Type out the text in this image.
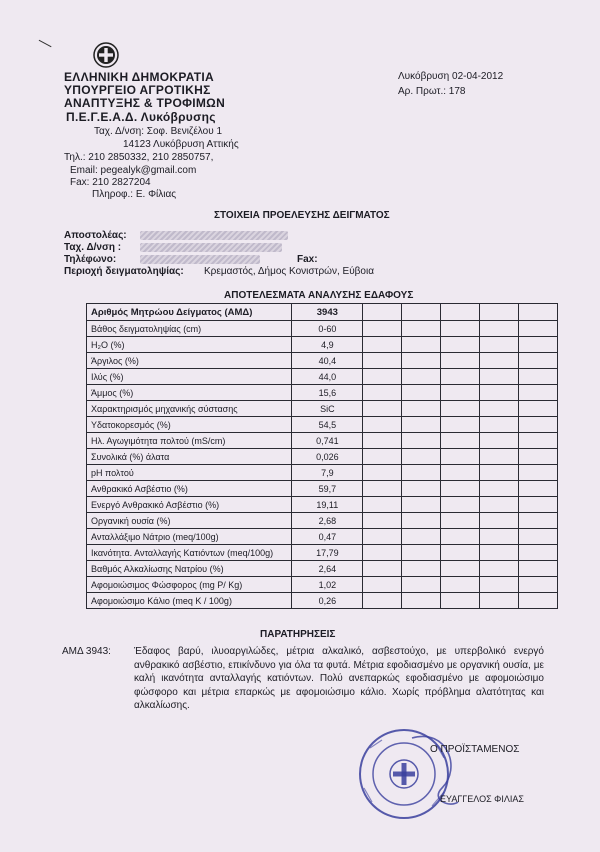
ΕΛΛΗΝΙΚΗ ΔΗΜΟΚΡΑΤΙΑ
ΥΠΟΥΡΓΕΙΟ ΑΓΡΟΤΙΚΗΣ
ΑΝΑΠΤΥΞΗΣ & ΤΡΟΦΙΜΩΝ
Π.Ε.Γ.Ε.Α.Δ. Λυκόβρυσης
Ταχ. Δ/νση: Σοφ. Βενιζέλου 1
14123 Λυκόβρυση Αττικής
Τηλ.: 210 2850332, 210 2850757,
Email: pegealyk@gmail.com
Fax: 210 2827204
Πληροφ.: Ε. Φίλιας
Λυκόβρυση 02-04-2012
Αρ. Πρωτ.: 178
ΣΤΟΙΧΕΙΑ ΠΡΟΕΛΕΥΣΗΣ ΔΕΙΓΜΑΤΟΣ
Αποστολέας:
Ταχ. Δ/νση :
Τηλέφωνο:	Fax:
Περιοχή δειγματοληψίας: Κρεμαστός, Δήμος Κονιστρών, Εύβοια
ΑΠΟΤΕΛΕΣΜΑΤΑ ΑΝΑΛΥΣΗΣ ΕΔΑΦΟΥΣ
Αριθμός Μητρώου Δείγματος (ΑΜΔ)	3943					
Βάθος δειγματοληψίας (cm)	0-60					
H₂O (%)	4,9					
Άργιλος (%)	40,4					
Ιλύς (%)	44,0					
Άμμος (%)	15,6					
Χαρακτηρισμός μηχανικής σύστασης	SiC					
Υδατοκορεσμός (%)	54,5					
Ηλ. Αγωγιμότητα πολτού (mS/cm)	0,741					
Συνολικά (%) άλατα	0,026					
pH πολτού	7,9					
Ανθρακικό Ασβέστιο (%)	59,7					
Ενεργό Ανθρακικό Ασβέστιο (%)	19,11					
Οργανική ουσία (%)	2,68					
Ανταλλάξιμο Νάτριο (meq/100g)	0,47					
Ικανότητα. Ανταλλαγής Κατιόντων (meq/100g)	17,79					
Βαθμός Αλκαλίωσης Νατρίου (%)	2,64					
Αφομοιώσιμος Φώσφορος (mg P/ Kg)	1,02					
Αφομοιώσιμο Κάλιο (meq K / 100g)	0,26					
ΠΑΡΑΤΗΡΗΣΕΙΣ
ΑΜΔ 3943: Έδαφος βαρύ, ιλυοαργιλώδες, μέτρια αλκαλικό, ασβεστούχο, με υπερβολικό ενεργό ανθρακικό ασβέστιο, επικίνδυνο για όλα τα φυτά. Μέτρια εφοδιασμένο με οργανική ουσία, με καλή ικανότητα ανταλλαγής κατιόντων. Πολύ ανεπαρκώς εφοδιασμένο με αφομοιώσιμο φώσφορο και μέτρια επαρκώς με αφομοιώσιμο κάλιο. Χωρίς πρόβλημα αλατότητας και αλκαλίωσης.
Ο ΠΡΟΪΣΤΑΜΕΝΟΣ
ΕΥΑΓΓΕΛΟΣ ΦΙΛΙΑΣ
